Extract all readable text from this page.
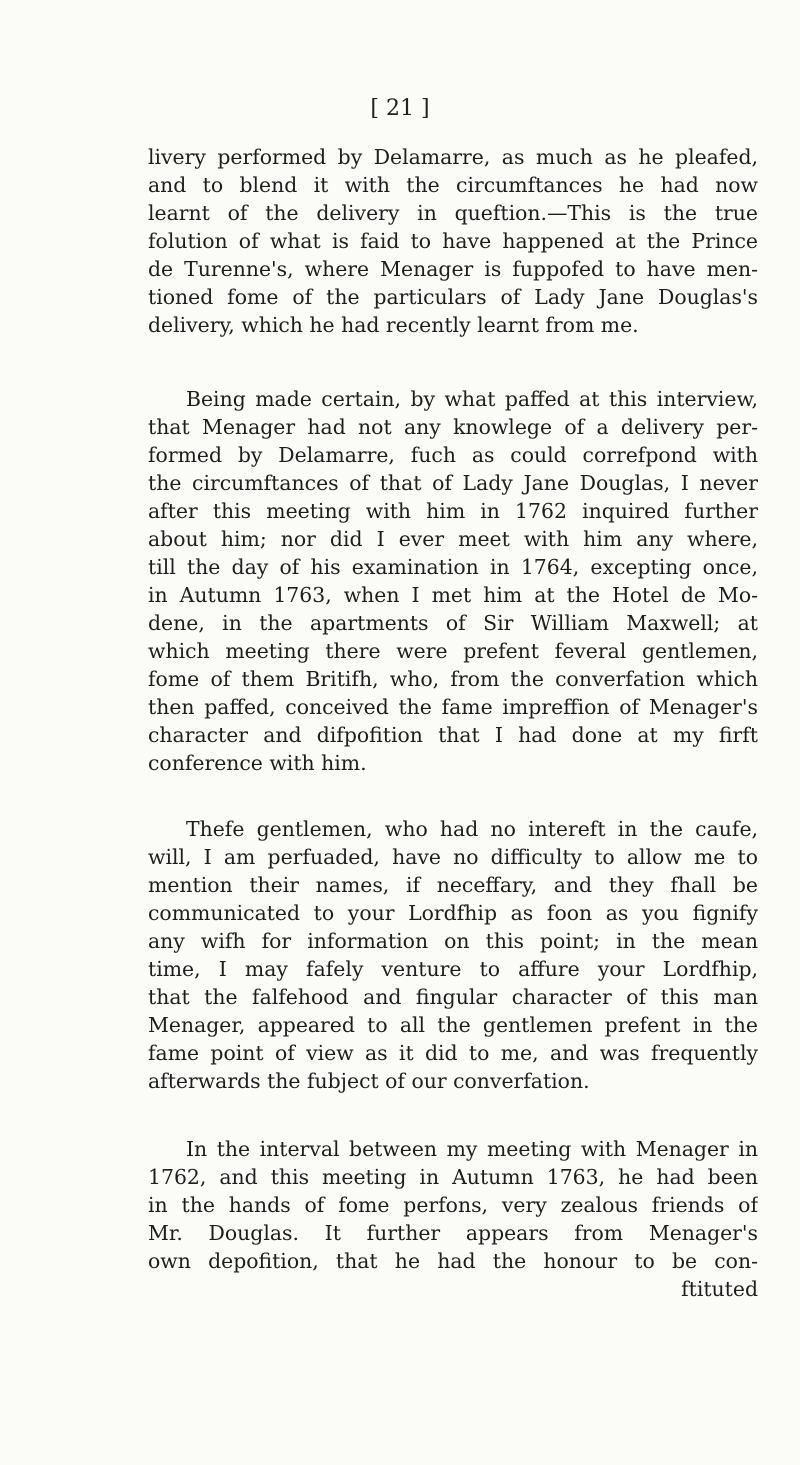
[ 21 ]

livery performed by Delamarre, as much as he pleafed,
and to blend it with the circumftances he had now
learnt of the delivery in queftion.—This is the true
folution of what is faid to have happened at the Prince
de Turenne's, where Menager is fuppofed to have men-
tioned fome of the particulars of Lady Jane Douglas's
delivery, which he had recently learnt from me.

Being made certain, by what paffed at this interview,
that Menager had not any knowlege of a delivery per-
formed by Delamarre, fuch as could correfpond with
the circumftances of that of Lady Jane Douglas, I never
after this meeting with him in 1762 inquired further
about him; nor did I ever meet with him any where,
till the day of his examination in 1764, excepting once,
in Autumn 1763, when I met him at the Hotel de Mo-
dene, in the apartments of Sir William Maxwell; at
which meeting there were prefent feveral gentlemen,
fome of them Britifh, who, from the converfation which
then paffed, conceived the fame impreffion of Menager's
character and difpofition that I had done at my firft
conference with him.

Thefe gentlemen, who had no intereft in the caufe,
will, I am perfuaded, have no difficulty to allow me to
mention their names, if neceffary, and they fhall be
communicated to your Lordfhip as foon as you fignify
any wifh for information on this point; in the mean
time, I may fafely venture to affure your Lordfhip,
that the falfehood and fingular character of this man
Menager, appeared to all the gentlemen prefent in the
fame point of view as it did to me, and was frequently
afterwards the fubject of our converfation.

In the interval between my meeting with Menager in
1762, and this meeting in Autumn 1763, he had been
in the hands of fome perfons, very zealous friends of
Mr. Douglas. It further appears from Menager's
own depofition, that he had the honour to be con-
ftituted
